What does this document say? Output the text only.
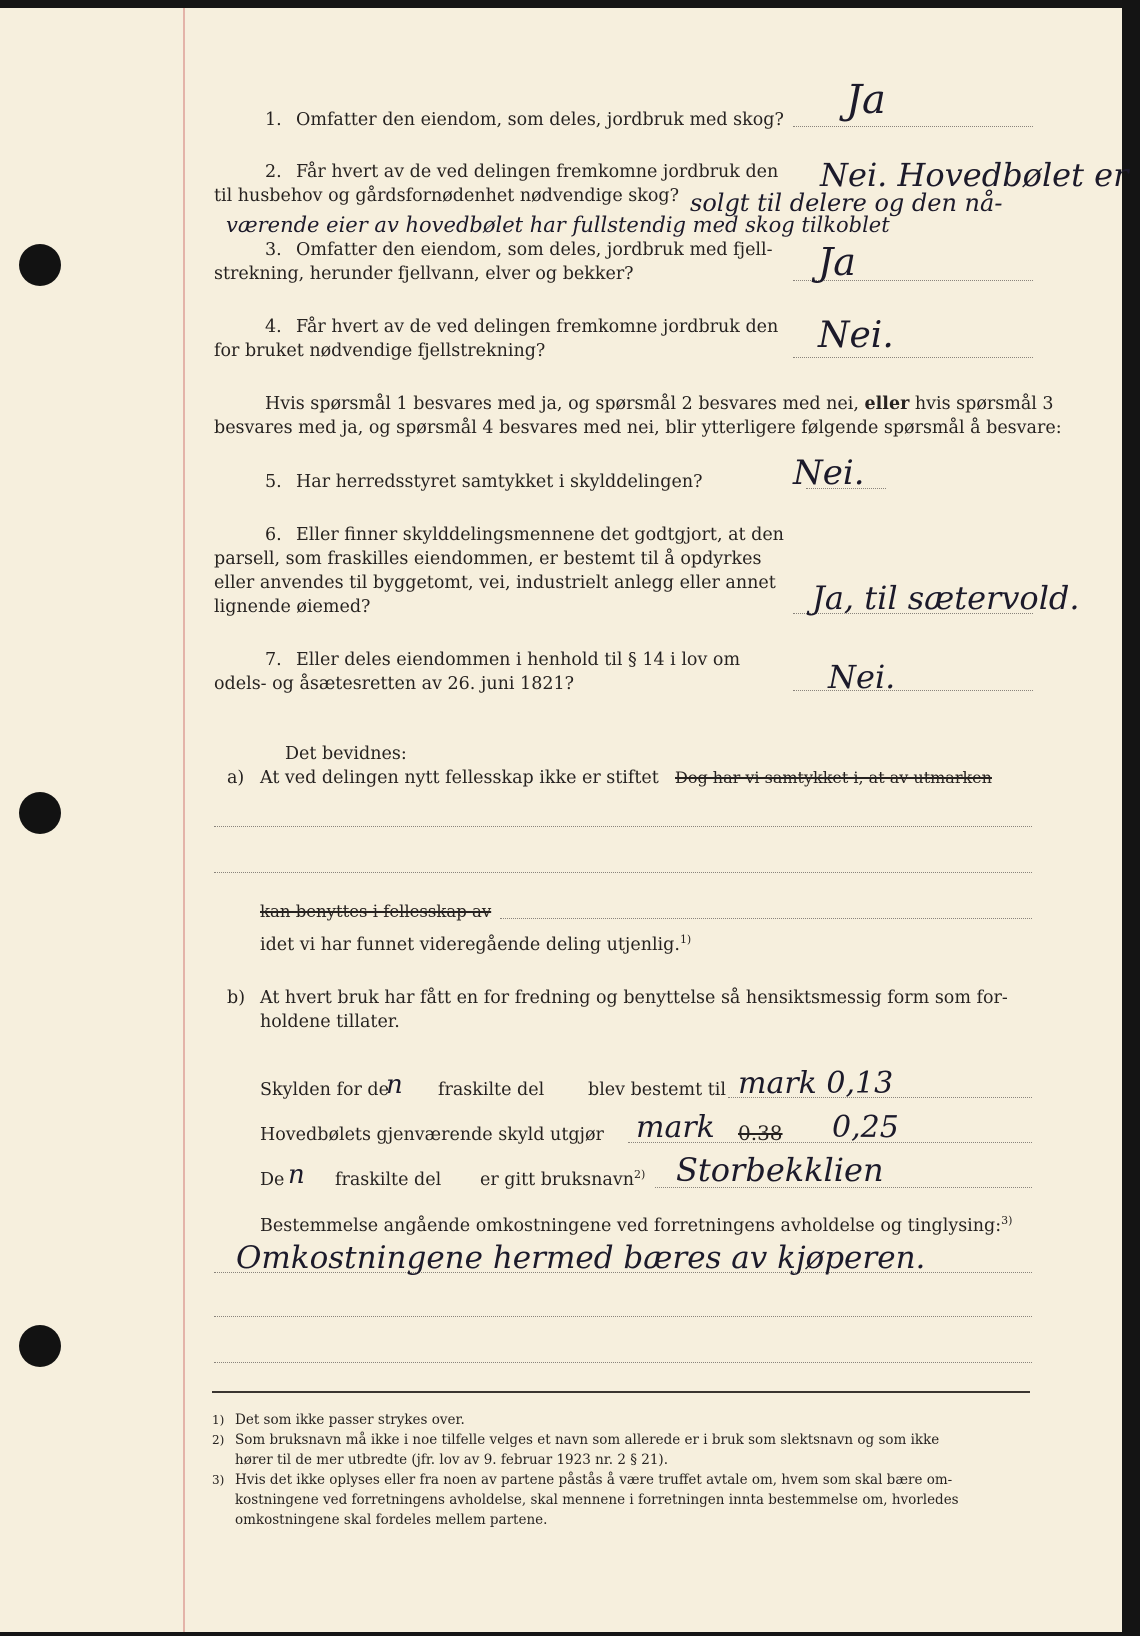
1. Omfatter den eiendom, som deles, jordbruk med skog? Ja
2. Får hvert av de ved delingen fremkomne jordbruk den
til husbehov og gårdsfornødenhet nødvendige skog?
Nei. Hovedbølet er
solgt til delere og den nå-
værende eier av hovedbølet har fullstendig med skog tilkoblet
3. Omfatter den eiendom, som deles, jordbruk med fjell-
strekning, herunder fjellvann, elver og bekker?	Ja
4. Får hvert av de ved delingen fremkomne jordbruk den
for bruket nødvendige fjellstrekning?	Nei.
Hvis spørsmål 1 besvares med ja, og spørsmål 2 besvares med nei, eller hvis spørsmål 3
besvares med ja, og spørsmål 4 besvares med nei, blir ytterligere følgende spørsmål å besvare:
5. Har herredsstyret samtykket i skylddelingen?	Nei.
6. Eller finner skylddelingsmennene det godtgjort, at den
parsell, som fraskilles eiendommen, er bestemt til å opdyrkes
eller anvendes til byggetomt, vei, industrielt anlegg eller annet
lignende øiemed?	Ja, til sætervold.
7. Eller deles eiendommen i henhold til § 14 i lov om
odels- og åsætesretten av 26. juni 1821?	Nei.
Det bevidnes:
a) At ved delingen nytt fellesskap ikke er stiftet Dog har vi samtykket i, at av utmarken
kan benyttes i fellesskap av
idet vi har funnet videregående deling utjenlig.$^{1)}$
b) At hvert bruk har fått en for fredning og benyttelse så hensiktsmessig form som for-
holdene tillater.
Skylden for de
n fraskilte del	blev bestemt til mark 0,13
Hovedbølets gjenværende skyld utgjør mark 0.38 0,25
De n fraskilte del er gitt bruksnavn$^{2)}$ Storbekklien
Bestemmelse angående omkostningene ved forretningens avholdelse og tinglysing:$^{3)}$
Omkostningene hermed bæres av kjøperen.
1) Det som ikke passer strykes over.
2) Som bruksnavn må ikke i noe tilfelle velges et navn som allerede er i bruk som slektsnavn og som ikke
hører til de mer utbredte (jfr. lov av 9. februar 1923 nr. 2 § 21).
3) Hvis det ikke oplyses eller fra noen av partene påstås å være truffet avtale om, hvem som skal bære om-
kostningene ved forretningens avholdelse, skal mennene i forretningen innta bestemmelse om, hvorledes
omkostningene skal fordeles mellem partene.
